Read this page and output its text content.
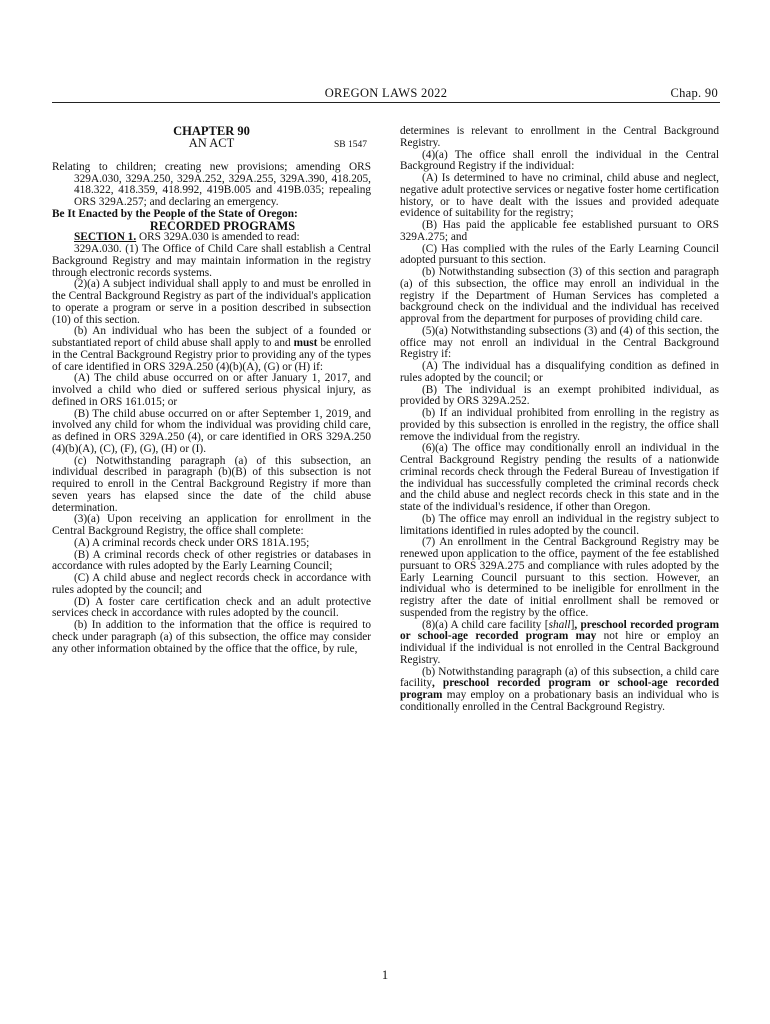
OREGON LAWS 2022	Chap. 90

CHAPTER 90

AN ACT	SB 1547

Relating to children; creating new provisions; amending ORS 329A.030, 329A.250, 329A.252, 329A.255, 329A.390, 418.205, 418.322, 418.359, 418.992, 419B.005 and 419B.035; repealing ORS 329A.257; and declaring an emergency.

Be It Enacted by the People of the State of Oregon:

RECORDED PROGRAMS

SECTION 1. ORS 329A.030 is amended to read:

329A.030. (1) The Office of Child Care shall establish a Central Background Registry and may maintain information in the registry through electronic records systems.

(2)(a) A subject individual shall apply to and must be enrolled in the Central Background Registry as part of the individual's application to operate a program or serve in a position described in subsection (10) of this section.

(b) An individual who has been the subject of a founded or substantiated report of child abuse shall apply to and must be enrolled in the Central Background Registry prior to providing any of the types of care identified in ORS 329A.250 (4)(b)(A), (G) or (H) if:

(A) The child abuse occurred on or after January 1, 2017, and involved a child who died or suffered serious physical injury, as defined in ORS 161.015; or

(B) The child abuse occurred on or after September 1, 2019, and involved any child for whom the individual was providing child care, as defined in ORS 329A.250 (4), or care identified in ORS 329A.250 (4)(b)(A), (C), (F), (G), (H) or (I).

(c) Notwithstanding paragraph (a) of this subsection, an individual described in paragraph (b)(B) of this subsection is not required to enroll in the Central Background Registry if more than seven years has elapsed since the date of the child abuse determination.

(3)(a) Upon receiving an application for enrollment in the Central Background Registry, the office shall complete:

(A) A criminal records check under ORS 181A.195;

(B) A criminal records check of other registries or databases in accordance with rules adopted by the Early Learning Council;

(C) A child abuse and neglect records check in accordance with rules adopted by the council; and

(D) A foster care certification check and an adult protective services check in accordance with rules adopted by the council.

(b) In addition to the information that the office is required to check under paragraph (a) of this subsection, the office may consider any other information obtained by the office that the office, by rule,

determines is relevant to enrollment in the Central Background Registry.

(4)(a) The office shall enroll the individual in the Central Background Registry if the individual:

(A) Is determined to have no criminal, child abuse and neglect, negative adult protective services or negative foster home certification history, or to have dealt with the issues and provided adequate evidence of suitability for the registry;

(B) Has paid the applicable fee established pursuant to ORS 329A.275; and

(C) Has complied with the rules of the Early Learning Council adopted pursuant to this section.

(b) Notwithstanding subsection (3) of this section and paragraph (a) of this subsection, the office may enroll an individual in the registry if the Department of Human Services has completed a background check on the individual and the individual has received approval from the department for purposes of providing child care.

(5)(a) Notwithstanding subsections (3) and (4) of this section, the office may not enroll an individual in the Central Background Registry if:

(A) The individual has a disqualifying condition as defined in rules adopted by the council; or

(B) The individual is an exempt prohibited individual, as provided by ORS 329A.252.

(b) If an individual prohibited from enrolling in the registry as provided by this subsection is enrolled in the registry, the office shall remove the individual from the registry.

(6)(a) The office may conditionally enroll an individual in the Central Background Registry pending the results of a nationwide criminal records check through the Federal Bureau of Investigation if the individual has successfully completed the criminal records check and the child abuse and neglect records check in this state and in the state of the individual's residence, if other than Oregon.

(b) The office may enroll an individual in the registry subject to limitations identified in rules adopted by the council.

(7) An enrollment in the Central Background Registry may be renewed upon application to the office, payment of the fee established pursuant to ORS 329A.275 and compliance with rules adopted by the Early Learning Council pursuant to this section. However, an individual who is determined to be ineligible for enrollment in the registry after the date of initial enrollment shall be removed or suspended from the registry by the office.

(8)(a) A child care facility [shall], preschool recorded program or school-age recorded program may not hire or employ an individual if the individual is not enrolled in the Central Background Registry.

(b) Notwithstanding paragraph (a) of this subsection, a child care facility, preschool recorded program or school-age recorded program may employ on a probationary basis an individual who is conditionally enrolled in the Central Background Registry.

1
